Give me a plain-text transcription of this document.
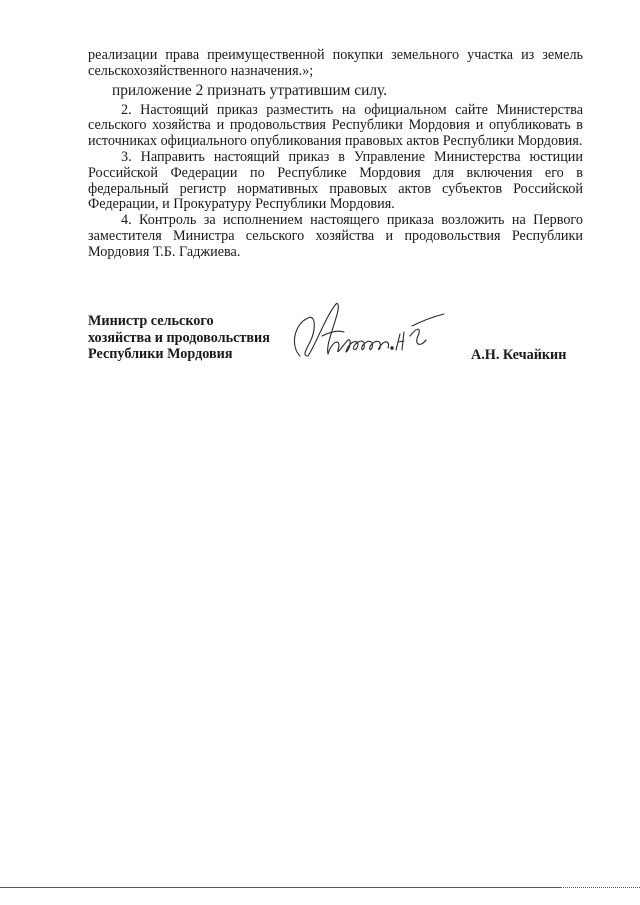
реализации права преимущественной покупки земельного участка из земель сельскохозяйственного назначения.»;

приложение 2 признать утратившим силу.

2. Настоящий приказ разместить на официальном сайте Министерства сельского хозяйства и продовольствия Республики Мордовия и опубликовать в источниках официального опубликования правовых актов Республики Мордовия.

3. Направить настоящий приказ в Управление Министерства юстиции Российской Федерации по Республике Мордовия для включения его в федеральный регистр нормативных правовых актов субъектов Российской Федерации, и Прокуратуру Республики Мордовия.

4. Контроль за исполнением настоящего приказа возложить на Первого заместителя Министра сельского хозяйства и продовольствия Республики Мордовия Т.Б. Гаджиева.

Министр сельского
хозяйства и продовольствия
Республики Мордовия	А.Н. Кечайкин
